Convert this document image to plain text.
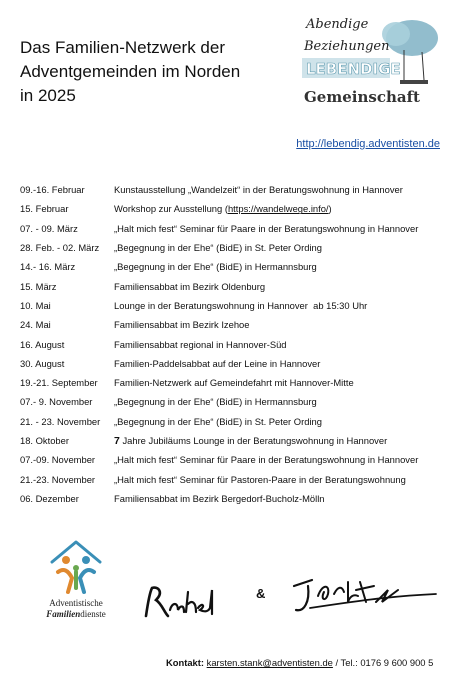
Das Familien-Netzwerk der
Adventgemeinden im Norden
in 2025
Abendige
Beziehungen
LEBENDIGE
Gemeinschaft
http://lebendig.adventisten.de
09.-16. Februar	Kunstausstellung „Wandelzeit“ in der Beratungswohnung in Hannover
15. Februar	Workshop zur Ausstellung (https://wandelwege.info/)
07. - 09. März	„Halt mich fest“ Seminar für Paare in der Beratungswohnung in Hannover
28. Feb. - 02. März	„Begegnung in der Ehe“ (BidE) in St. Peter Ording
14.- 16. März	„Begegnung in der Ehe“ (BidE) in Hermannsburg
15. März	Familiensabbat im Bezirk Oldenburg
10. Mai	Lounge in der Beratungswohnung in Hannover  ab 15:30 Uhr
24. Mai	Familiensabbat im Bezirk Izehoe
16. August	Familiensabbat regional in Hannover-Süd
30. August	Familien-Paddelsabbat auf der Leine in Hannover
19.-21. September	Familien-Netzwerk auf Gemeindefahrt mit Hannover-Mitte
07.- 9. November	„Begegnung in der Ehe“ (BidE) in Hermannsburg
21. - 23. November	„Begegnung in der Ehe“ (BidE) in St. Peter Ording
18. Oktober	7 Jahre Jubiläums Lounge in der Beratungswohnung in Hannover
07.-09. November	„Halt mich fest“ Seminar für Paare in der Beratungswohnung in Hannover
21.-23. November	„Halt mich fest“ Seminar für Pastoren-Paare in der Beratungswohnung
06. Dezember	Familiensabbat im Bezirk Bergedorf-Bucholz-Mölln
Adventistische
Familiendienste
&
Kontakt: karsten.stank@adventisten.de / Tel.: 0176 9 600 900 5
